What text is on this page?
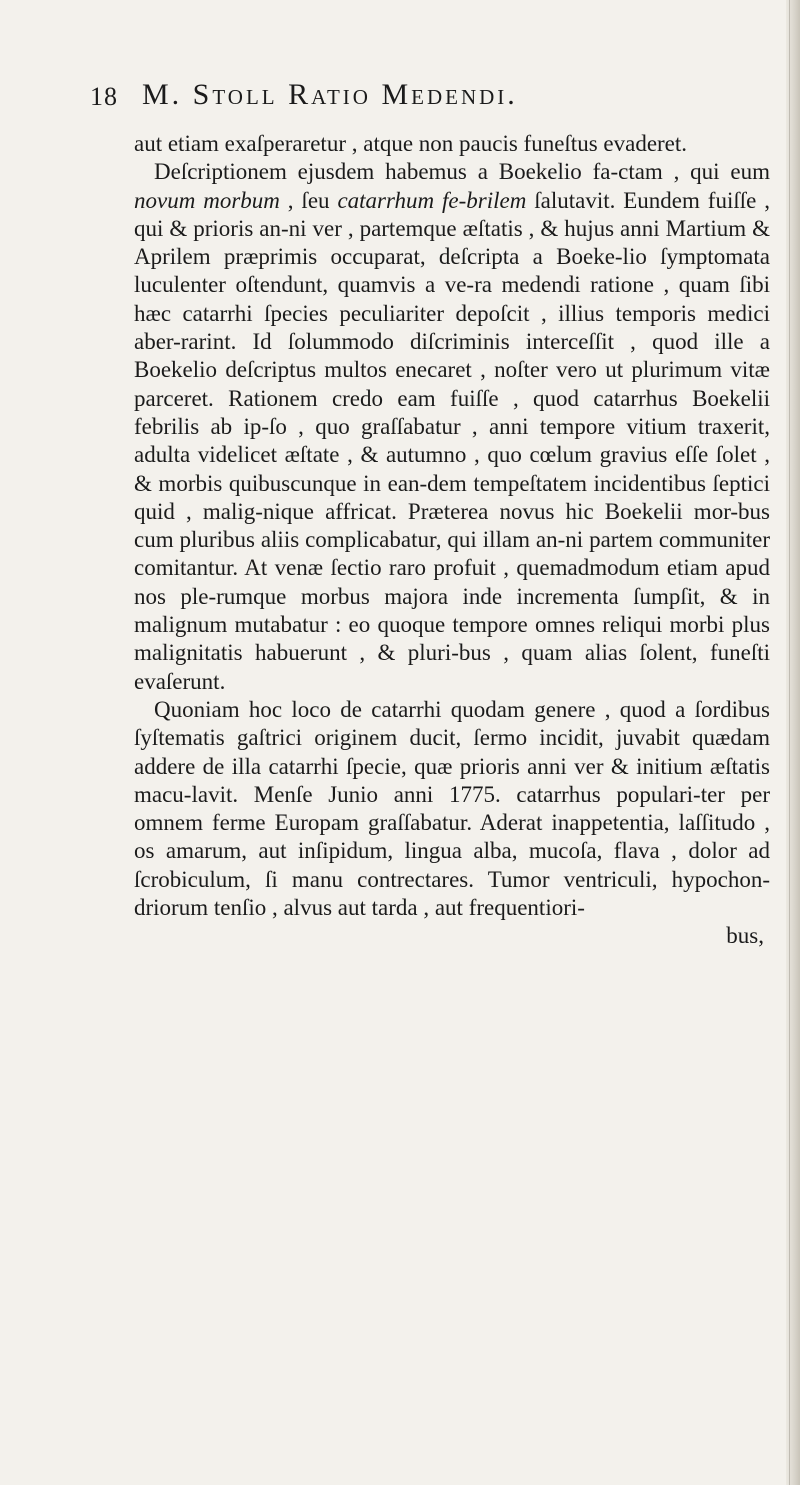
18 M. Stoll Ratio Medendi.

aut etiam exaſperaretur , atque non paucis funeſtus evaderet.

Deſcriptionem ejusdem habemus a Boekelio fa-ctam , qui eum novum morbum , ſeu catarrhum fe-brilem ſalutavit. Eundem fuiſſe , qui & prioris an-ni ver , partemque æſtatis , & hujus anni Martium & Aprilem præprimis occuparat, deſcripta a Boeke-lio ſymptomata luculenter oſtendunt, quamvis a ve-ra medendi ratione , quam ſibi hæc catarrhi ſpecies peculiariter depoſcit , illius temporis medici aber-rarint. Id ſolummodo diſcriminis interceſſit , quod ille a Boekelio deſcriptus multos enecaret , noſter vero ut plurimum vitæ parceret. Rationem credo eam fuiſſe , quod catarrhus Boekelii febrilis ab ip-ſo , quo graſſabatur , anni tempore vitium traxerit, adulta videlicet æſtate , & autumno , quo cœlum gravius eſſe ſolet , & morbis quibuscunque in ean-dem tempeſtatem incidentibus ſeptici quid , malig-nique affricat. Præterea novus hic Boekelii mor-bus cum pluribus aliis complicabatur, qui illam an-ni partem communiter comitantur. At venæ ſectio raro profuit , quemadmodum etiam apud nos ple-rumque morbus majora inde incrementa ſumpſit, & in malignum mutabatur : eo quoque tempore omnes reliqui morbi plus malignitatis habuerunt , & pluri-bus , quam alias ſolent, funeſti evaſerunt.

Quoniam hoc loco de catarrhi quodam genere , quod a ſordibus ſyſtematis gaſtrici originem ducit, ſermo incidit, juvabit quædam addere de illa catarrhi ſpecie, quæ prioris anni ver & initium æſtatis macu-lavit. Menſe Junio anni 1775. catarrhus populari-ter per omnem ferme Europam graſſabatur. Aderat inappetentia, laſſitudo , os amarum, aut inſipidum, lingua alba, mucoſa, flava , dolor ad ſcrobiculum, ſi manu contrectares. Tumor ventriculi, hypochon-driorum tenſio , alvus aut tarda , aut frequentiori-
bus,
